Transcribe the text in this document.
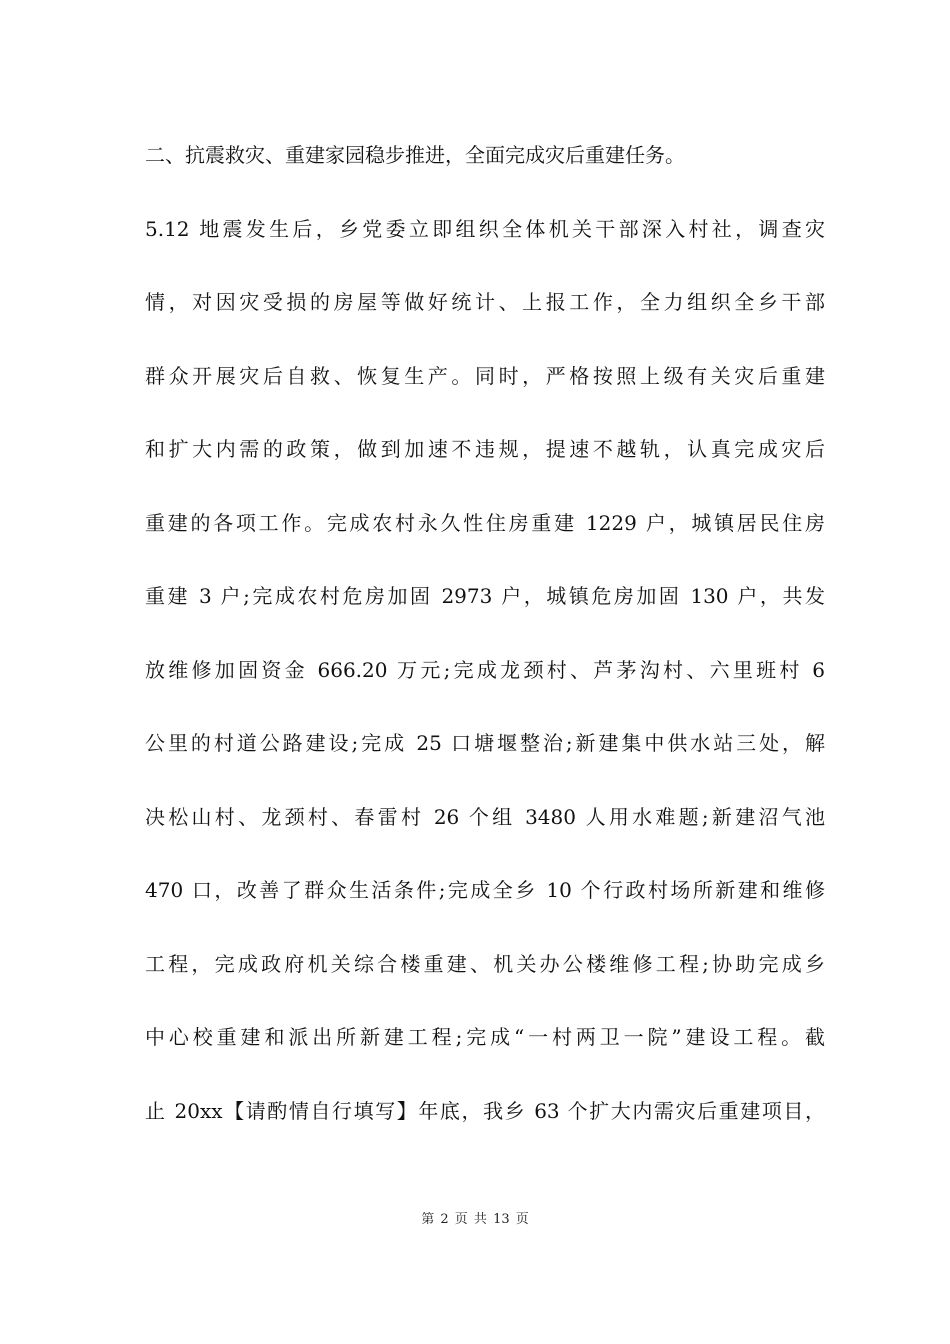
二、抗震救灾、重建家园稳步推进，全面完成灾后重建任务。
5.12 地震发生后，乡党委立即组织全体机关干部深入村社，调查灾
情，对因灾受损的房屋等做好统计、上报工作，全力组织全乡干部
群众开展灾后自救、恢复生产。同时，严格按照上级有关灾后重建
和扩大内需的政策，做到加速不违规，提速不越轨，认真完成灾后
重建的各项工作。完成农村永久性住房重建 1229 户，城镇居民住房
重建 3 户;完成农村危房加固 2973 户，城镇危房加固 130 户，共发
放维修加固资金 666.20 万元;完成龙颈村、芦茅沟村、六里班村 6
公里的村道公路建设;完成 25 口塘堰整治;新建集中供水站三处，解
决松山村、龙颈村、春雷村 26 个组 3480 人用水难题;新建沼气池
470 口，改善了群众生活条件;完成全乡 10 个行政村场所新建和维修
工程，完成政府机关综合楼重建、机关办公楼维修工程;协助完成乡
中心校重建和派出所新建工程;完成“一村两卫一院”建设工程。截
止 20xx【请酌情自行填写】年底，我乡 63 个扩大内需灾后重建项目，
第 2 页 共 13 页
